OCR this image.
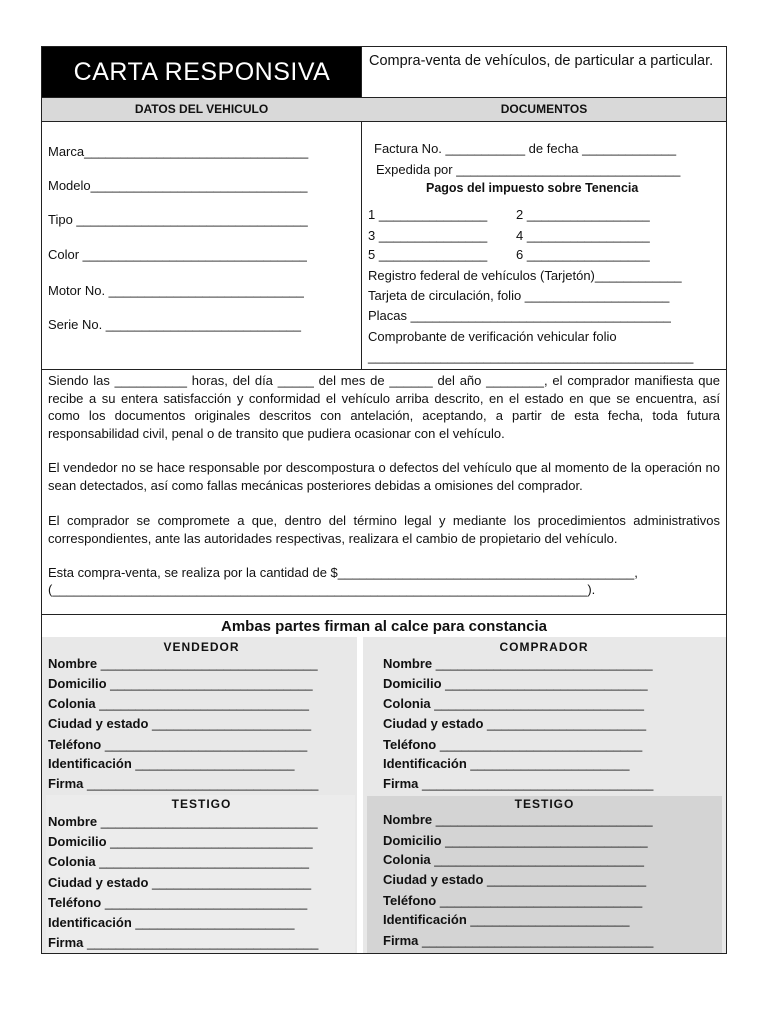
CARTA RESPONSIVA	Compra-venta de vehículos, de particular a particular.
DATOS DEL VEHICULO	DOCUMENTOS
Marca_______________________________
Modelo______________________________
Tipo ________________________________
Color _______________________________
Motor No. ___________________________
Serie No. ___________________________
Factura No. ___________ de fecha _____________
Expedida por _______________________________
Pagos del impuesto sobre Tenencia
1 _______________ 2 _________________
3 _______________ 4 _________________
5 _______________ 6 _________________
Registro federal de vehículos (Tarjetón)____________
Tarjeta de circulación, folio ____________________
Placas ____________________________________
Comprobante de verificación vehicular folio
_____________________________________________
Siendo las __________ horas, del día _____ del mes de ______ del año ________, el comprador manifiesta que recibe a su entera satisfacción y conformidad el vehículo arriba descrito, en el estado en que se encuentra, así como los documentos originales descritos con antelación, aceptando, a partir de esta fecha, toda futura responsabilidad civil, penal o de transito que pudiera ocasionar con el vehículo.
El vendedor no se hace responsable por descompostura o defectos del vehículo que al momento de la operación no sean detectados, así como fallas mecánicas posteriores debidas a omisiones del comprador.
El comprador se compromete a que, dentro del término legal y mediante los procedimientos administrativos correspondientes, ante las autoridades respectivas, realizara el cambio de propietario del vehículo.
Esta compra-venta, se realiza por la cantidad de $_________________________________________,
(__________________________________________________________________________).
Ambas partes firman al calce para constancia
VENDEDOR	COMPRADOR
Nombre ______________________________
Domicilio ____________________________
Colonia _____________________________
Ciudad y estado ______________________
Teléfono ____________________________
Identificación ______________________
Firma ________________________________
Nombre ______________________________
Domicilio ____________________________
Colonia _____________________________
Ciudad y estado ______________________
Teléfono ____________________________
Identificación ______________________
Firma ________________________________
TESTIGO
Nombre ______________________________
Domicilio ____________________________
Colonia _____________________________
Ciudad y estado ______________________
Teléfono ____________________________
Identificación ______________________
Firma ________________________________
TESTIGO
Nombre ______________________________
Domicilio ____________________________
Colonia _____________________________
Ciudad y estado ______________________
Teléfono ____________________________
Identificación ______________________
Firma ________________________________
